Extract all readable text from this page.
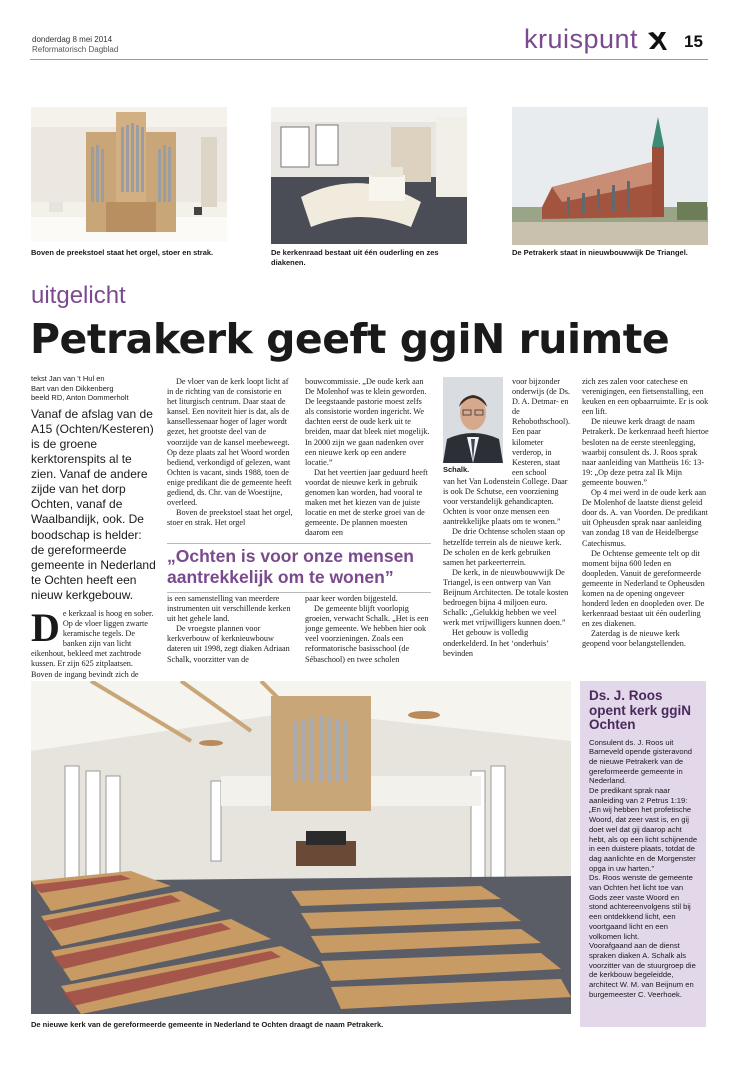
donderdag 8 mei 2014
Reformatorisch Dagblad	kruispunt	15
Boven de preekstoel staat het orgel, stoer en strak.	De kerkenraad bestaat uit één ouderling en zes diakenen.
De Petrakerk staat in nieuwbouwwijk De Triangel.
uitgelicht
Petrakerk geeft ggiN ruimte
tekst Jan van 't Hul en
Bart van den Dikkenberg
beeld RD, Anton Dommerholt
Vanaf de afslag van de A15 (Ochten/Kesteren) is de groene kerktorenspits al te zien. Vanaf de andere zijde van het dorp Ochten, vanaf de Waalbandijk, ook. De boodschap is helder: de gereformeerde gemeente in Nederland te Ochten heeft een nieuw kerkgebouw.
D e kerkzaal is hoog en sober. Op de vloer liggen zwarte keramische tegels. De banken zijn van licht eikenhout, bekleed met zachtrode kussen. Er zijn 625 zitplaatsen. Boven de ingang bevindt zich de

De vloer van de kerk loopt licht af in de richting van de consistorie en het liturgisch centrum. Daar staat de kansel. Een noviteit hier is dat, als de kansellessenaar hoger of lager wordt gezet, het grootste deel van de voorzijde van de kansel meebeweegt. Op deze plaats zal het Woord worden bediend, verkondigd of gelezen, want Ochten is vacant, sinds 1988, toen de enige predikant die de gemeente heeft gediend, ds. Chr. van de Woestijne, overleed.

Boven de preekstoel staat het orgel, stoer en strak. Het orgel

bouwcommissie. „De oude kerk aan De Molenhof was te klein geworden. De leegstaande pastorie moest zelfs als consistorie worden ingericht. We dachten eerst de oude kerk uit te breiden, maar dat bleek niet mogelijk. In 2000 zijn we gaan nadenken over een nieuwe kerk op een andere locatie.”

Dat het veertien jaar geduurd heeft voordat de nieuwe kerk in gebruik genomen kan worden, had vooral te maken met het kiezen van de juiste locatie en met de sterke groei van de gemeente. De plannen moesten daarom een

„Ochten is voor onze mensen aantrekkelijk om te wonen”

is een samenstelling van meerdere instrumenten uit verschillende kerken uit het gehele land.

De vroegste plannen voor kerkverbouw of kerknieuwbouw dateren uit 1998, zegt diaken Adriaan Schalk, voorzitter van de

paar keer worden bijgesteld.

De gemeente blijft voorlopig groeien, verwacht Schalk. „Het is een jonge gemeente. We hebben hier ook veel voorzieningen. Zoals een reformatorische basisschool (de Sébaschool) en twee scholen

Schalk.

voor bijzonder onderwijs (de Ds. D. A. Detmar- en de Rehobothschool). Een paar kilometer verderop, in Kesteren, staat een school

van het Van Lodenstein College. Daar is ook De Schutse, een voorziening voor verstandelijk gehandicapten. Ochten is voor onze mensen een aantrekkelijke plaats om te wonen.”

De drie Ochtense scholen staan op hetzelfde terrein als de nieuwe kerk. De scholen en de kerk gebruiken samen het parkeerterrein.

De kerk, in de nieuwbouwwijk De Triangel, is een ontwerp van Van Beijnum Architecten. De totale kosten bedroegen bijna 4 miljoen euro. Schalk: „Gelukkig hebben we veel werk met vrijwilligers kunnen doen.”

Het gebouw is volledig onderkelderd. In het ‘onderhuis’ bevinden

zich zes zalen voor catechese en verenigingen, een fietsenstalling, een keuken en een opbaarruimte. Er is ook een lift.

De nieuwe kerk draagt de naam Petrakerk. De kerkenraad heeft hiertoe besloten na de eerste steenlegging, waarbij consulent ds. J. Roos sprak naar aanleiding van Mattheüs 16: 13-19: „Op deze petra zal Ik Mijn gemeente bouwen.”

Op 4 mei werd in de oude kerk aan De Molenhof de laatste dienst geleid door ds. A. van Voorden. De predikant uit Opheusden sprak naar aanleiding van zondag 18 van de Heidelbergse Catechismus.

De Ochtense gemeente telt op dit moment bijna 600 leden en doopleden. Vanuit de gereformeerde gemeente in Nederland te Opheusden komen na de opening ongeveer honderd leden en doopleden over. De kerkenraad bestaat uit één ouderling en zes diakenen.

Zaterdag is de nieuwe kerk geopend voor belangstellenden.

De nieuwe kerk van de gereformeerde gemeente in Nederland te Ochten draagt de naam Petrakerk.
Ds. J. Roos opent kerk ggiN Ochten

Consulent ds. J. Roos uit Barneveld opende gisteravond de nieuwe Petrakerk van de gereformeerde gemeente in Nederland.

De predikant sprak naar aanleiding van 2 Petrus 1:19: „En wij hebben het profetische Woord, dat zeer vast is, en gij doet wel dat gij daarop acht hebt, als op een licht schijnende in een duistere plaats, totdat de dag aanlichte en de Morgenster opga in uw harten.”

Ds. Roos wenste de gemeente van Ochten het licht toe van Gods zeer vaste Woord en stond achtereenvolgens stil bij een ontdekkend licht, een voortgaand licht en een volkomen licht.

Voorafgaand aan de dienst spraken diaken A. Schalk als voorzitter van de stuurgroep die de kerkbouw begeleidde, architect W. M. van Beijnum en burgemeester C. Veerhoek.
